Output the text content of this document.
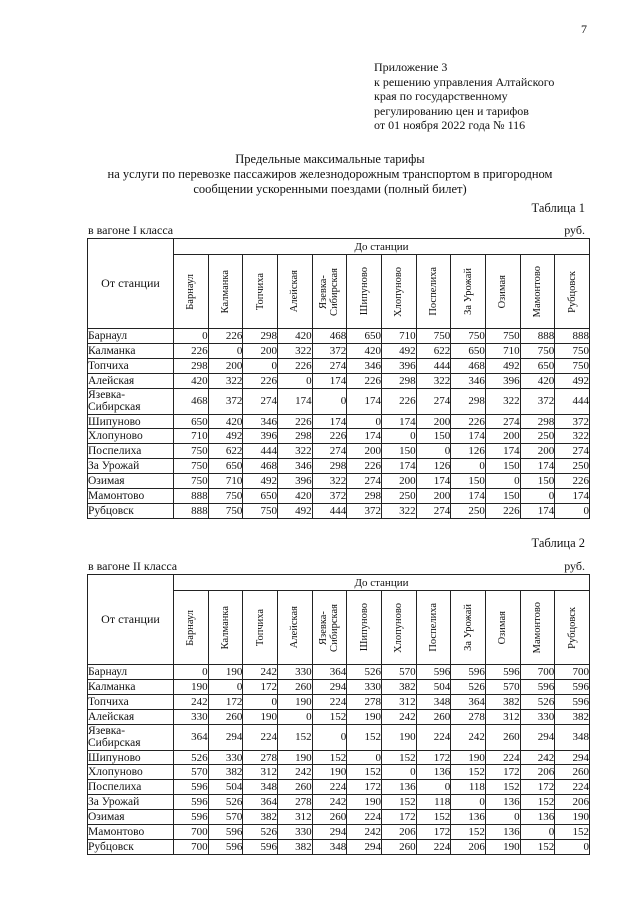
7
Приложение 3
к решению управления Алтайского
края по государственному
регулированию цен и тарифов
от 01 ноября 2022 года № 116
Предельные максимальные тарифы
на услуги по перевозке пассажиров железнодорожным транспортом в пригородном
сообщении ускоренными поездами (полный билет)
Таблица 1
в вагоне I класса	руб.
От станции	До станции											

	Барнаул	Калманка	Топчиха	Алейская	Язевка-
Сибирская	Шипуново	Хлопуново	Поспелиха	За Урожай	Озимая	Мамонтово	Рубцовск

Барнаул	0	226	298	420	468	650	710	750	750	750	888	888
Калманка	226	0	200	322	372	420	492	622	650	710	750	750
Топчиха	298	200	0	226	274	346	396	444	468	492	650	750
Алейская	420	322	226	0	174	226	298	322	346	396	420	492
Язевка-
Сибирская	468	372	274	174	0	174	226	274	298	322	372	444
Шипуново	650	420	346	226	174	0	174	200	226	274	298	372
Хлопуново	710	492	396	298	226	174	0	150	174	200	250	322
Поспелиха	750	622	444	322	274	200	150	0	126	174	200	274
За Урожай	750	650	468	346	298	226	174	126	0	150	174	250
Озимая	750	710	492	396	322	274	200	174	150	0	150	226
Мамонтово	888	750	650	420	372	298	250	200	174	150	0	174
Рубцовск	888	750	750	492	444	372	322	274	250	226	174	0
Таблица 2
в вагоне II класса	руб.
От станции	До станции											

	Барнаул	Калманка	Топчиха	Алейская	Язевка-
Сибирская	Шипуново	Хлопуново	Поспелиха	За Урожай	Озимая	Мамонтово	Рубцовск

Барнаул	0	190	242	330	364	526	570	596	596	596	700	700
Калманка	190	0	172	260	294	330	382	504	526	570	596	596
Топчиха	242	172	0	190	224	278	312	348	364	382	526	596
Алейская	330	260	190	0	152	190	242	260	278	312	330	382
Язевка-
Сибирская	364	294	224	152	0	152	190	224	242	260	294	348
Шипуново	526	330	278	190	152	0	152	172	190	224	242	294
Хлопуново	570	382	312	242	190	152	0	136	152	172	206	260
Поспелиха	596	504	348	260	224	172	136	0	118	152	172	224
За Урожай	596	526	364	278	242	190	152	118	0	136	152	206
Озимая	596	570	382	312	260	224	172	152	136	0	136	190
Мамонтово	700	596	526	330	294	242	206	172	152	136	0	152
Рубцовск	700	596	596	382	348	294	260	224	206	190	152	0
